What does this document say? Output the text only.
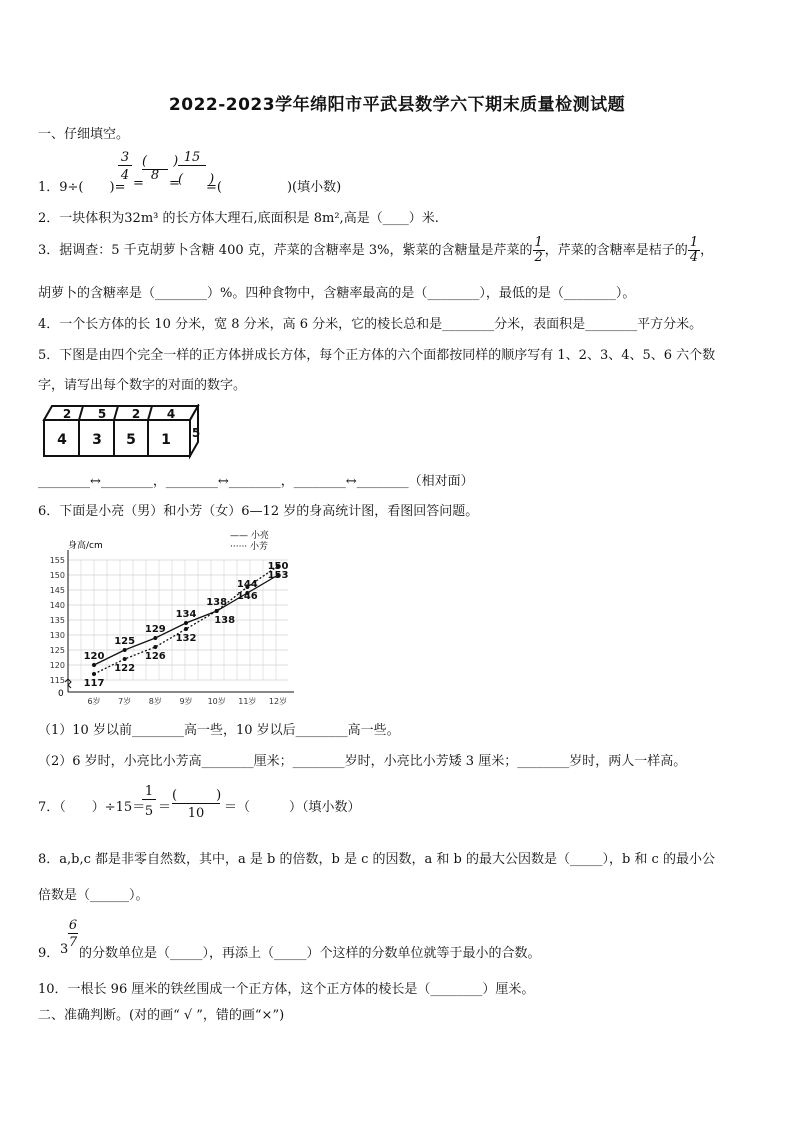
2022-2023学年绵阳市平武县数学六下期末质量检测试题
一、仔细填空。
1．9÷(　　)=
3
4
=
(　　)
8
=
15
(　　)
=(　　　　　)(填小数)
2．一块体积为32m³ 的长方体大理石,底面积是 8m²,高是（____）米.
3．据调查：5 千克胡萝卜含糖 400 克，芹菜的含糖率是 3%，紫菜的含糖量是芹菜的 $\frac{1}{2}$ ，芹菜的含糖率是桔子的 $\frac{1}{4}$ ，
胡萝卜的含糖率是（________）%。四种食物中，含糖率最高的是（________），最低的是（________）。
4．一个长方体的长 10 分米，宽 8 分米，高 6 分米，它的棱长总和是________分米，表面积是________平方分米。
5．下图是由四个完全一样的正方体拼成长方体，每个正方体的六个面都按同样的顺序写有 1、2、3、4、5、6 六个数
字，请写出每个数字的对面的数字。
4 3 5 1
2 5 2 4
5
________↔________，________↔________，________↔________（相对面）
6．下面是小亮（男）和小芳（女）6—12 岁的身高统计图，看图回答问题。
身高/cm
0
115
120
125
130
135
140
145
150
155
6岁 7岁 8岁 9岁 10岁 11岁 12岁
120
125
129
134
138
144
150
117
122
126
132
138
146
153
—— 小亮
······ 小芳
（1）10 岁以前________高一些，10 岁以后________高一些。
（2）6 岁时，小亮比小芳高________厘米；________岁时，小亮比小芳矮 3 厘米；________岁时，两人一样高。
7．（　　）÷15＝
1
5 ＝
(　　　)
10	＝（　　　）（填小数）
8．a,b,c 都是非零自然数，其中，a 是 b 的倍数，b 是 c 的因数，a 和 b 的最大公因数是（_____），b 和 c 的最小公
倍数是（______）。
9． 3
6
7
的分数单位是（_____），再添上（_____）个这样的分数单位就等于最小的合数。
10．一根长 96 厘米的铁丝围成一个正方体，这个正方体的棱长是（________）厘米。
二、准确判断。(对的画“ √ ”，错的画“×”)
